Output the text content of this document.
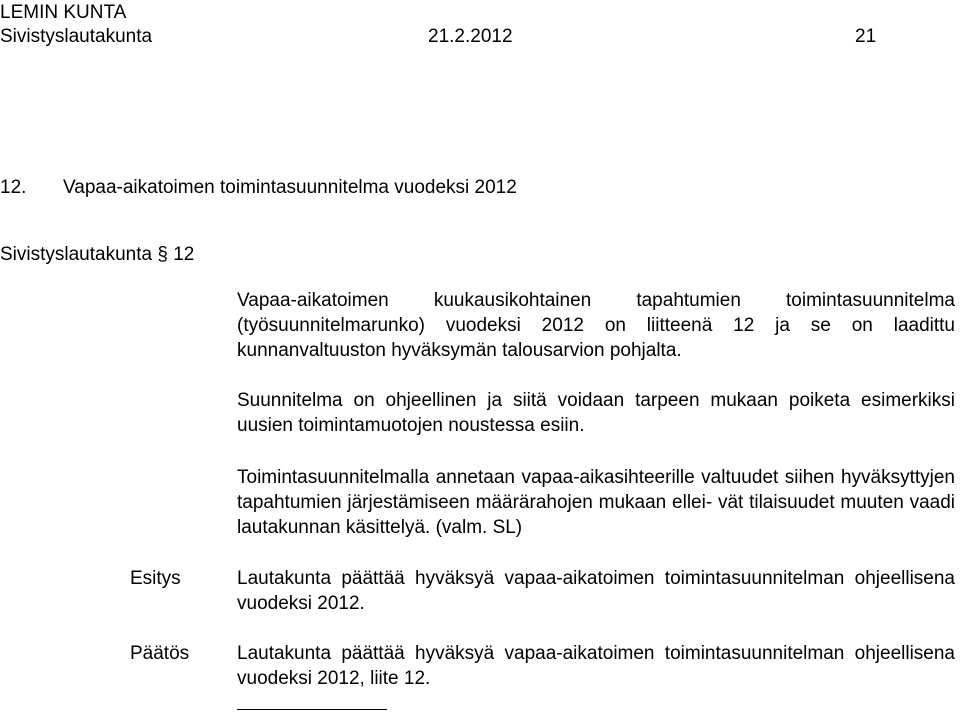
LEMIN KUNTA
Sivistyslautakunta	21.2.2012	21
12. Vapaa-aikatoimen toimintasuunnitelma vuodeksi 2012
Sivistyslautakunta § 12
Vapaa-aikatoimen kuukausikohtainen tapahtumien toimintasuunnitelma (työsuunnitelmarunko) vuodeksi 2012 on liitteenä 12 ja se on laadittu kunnanvaltuuston hyväksymän talousarvion pohjalta.
Suunnitelma on ohjeellinen ja siitä voidaan tarpeen mukaan poiketa esimerkiksi uusien toimintamuotojen noustessa esiin.
Toimintasuunnitelmalla annetaan vapaa-aikasihteerille valtuudet siihen hyväksyttyjen tapahtumien järjestämiseen määrärahojen mukaan ellei- vät tilaisuudet muuten vaadi lautakunnan käsittelyä. (valm. SL)
Esitys	Lautakunta päättää hyväksyä vapaa-aikatoimen toimintasuunnitelman ohjeellisena vuodeksi 2012.
Päätös	Lautakunta päättää hyväksyä vapaa-aikatoimen toimintasuunnitelman ohjeellisena vuodeksi 2012, liite 12.
